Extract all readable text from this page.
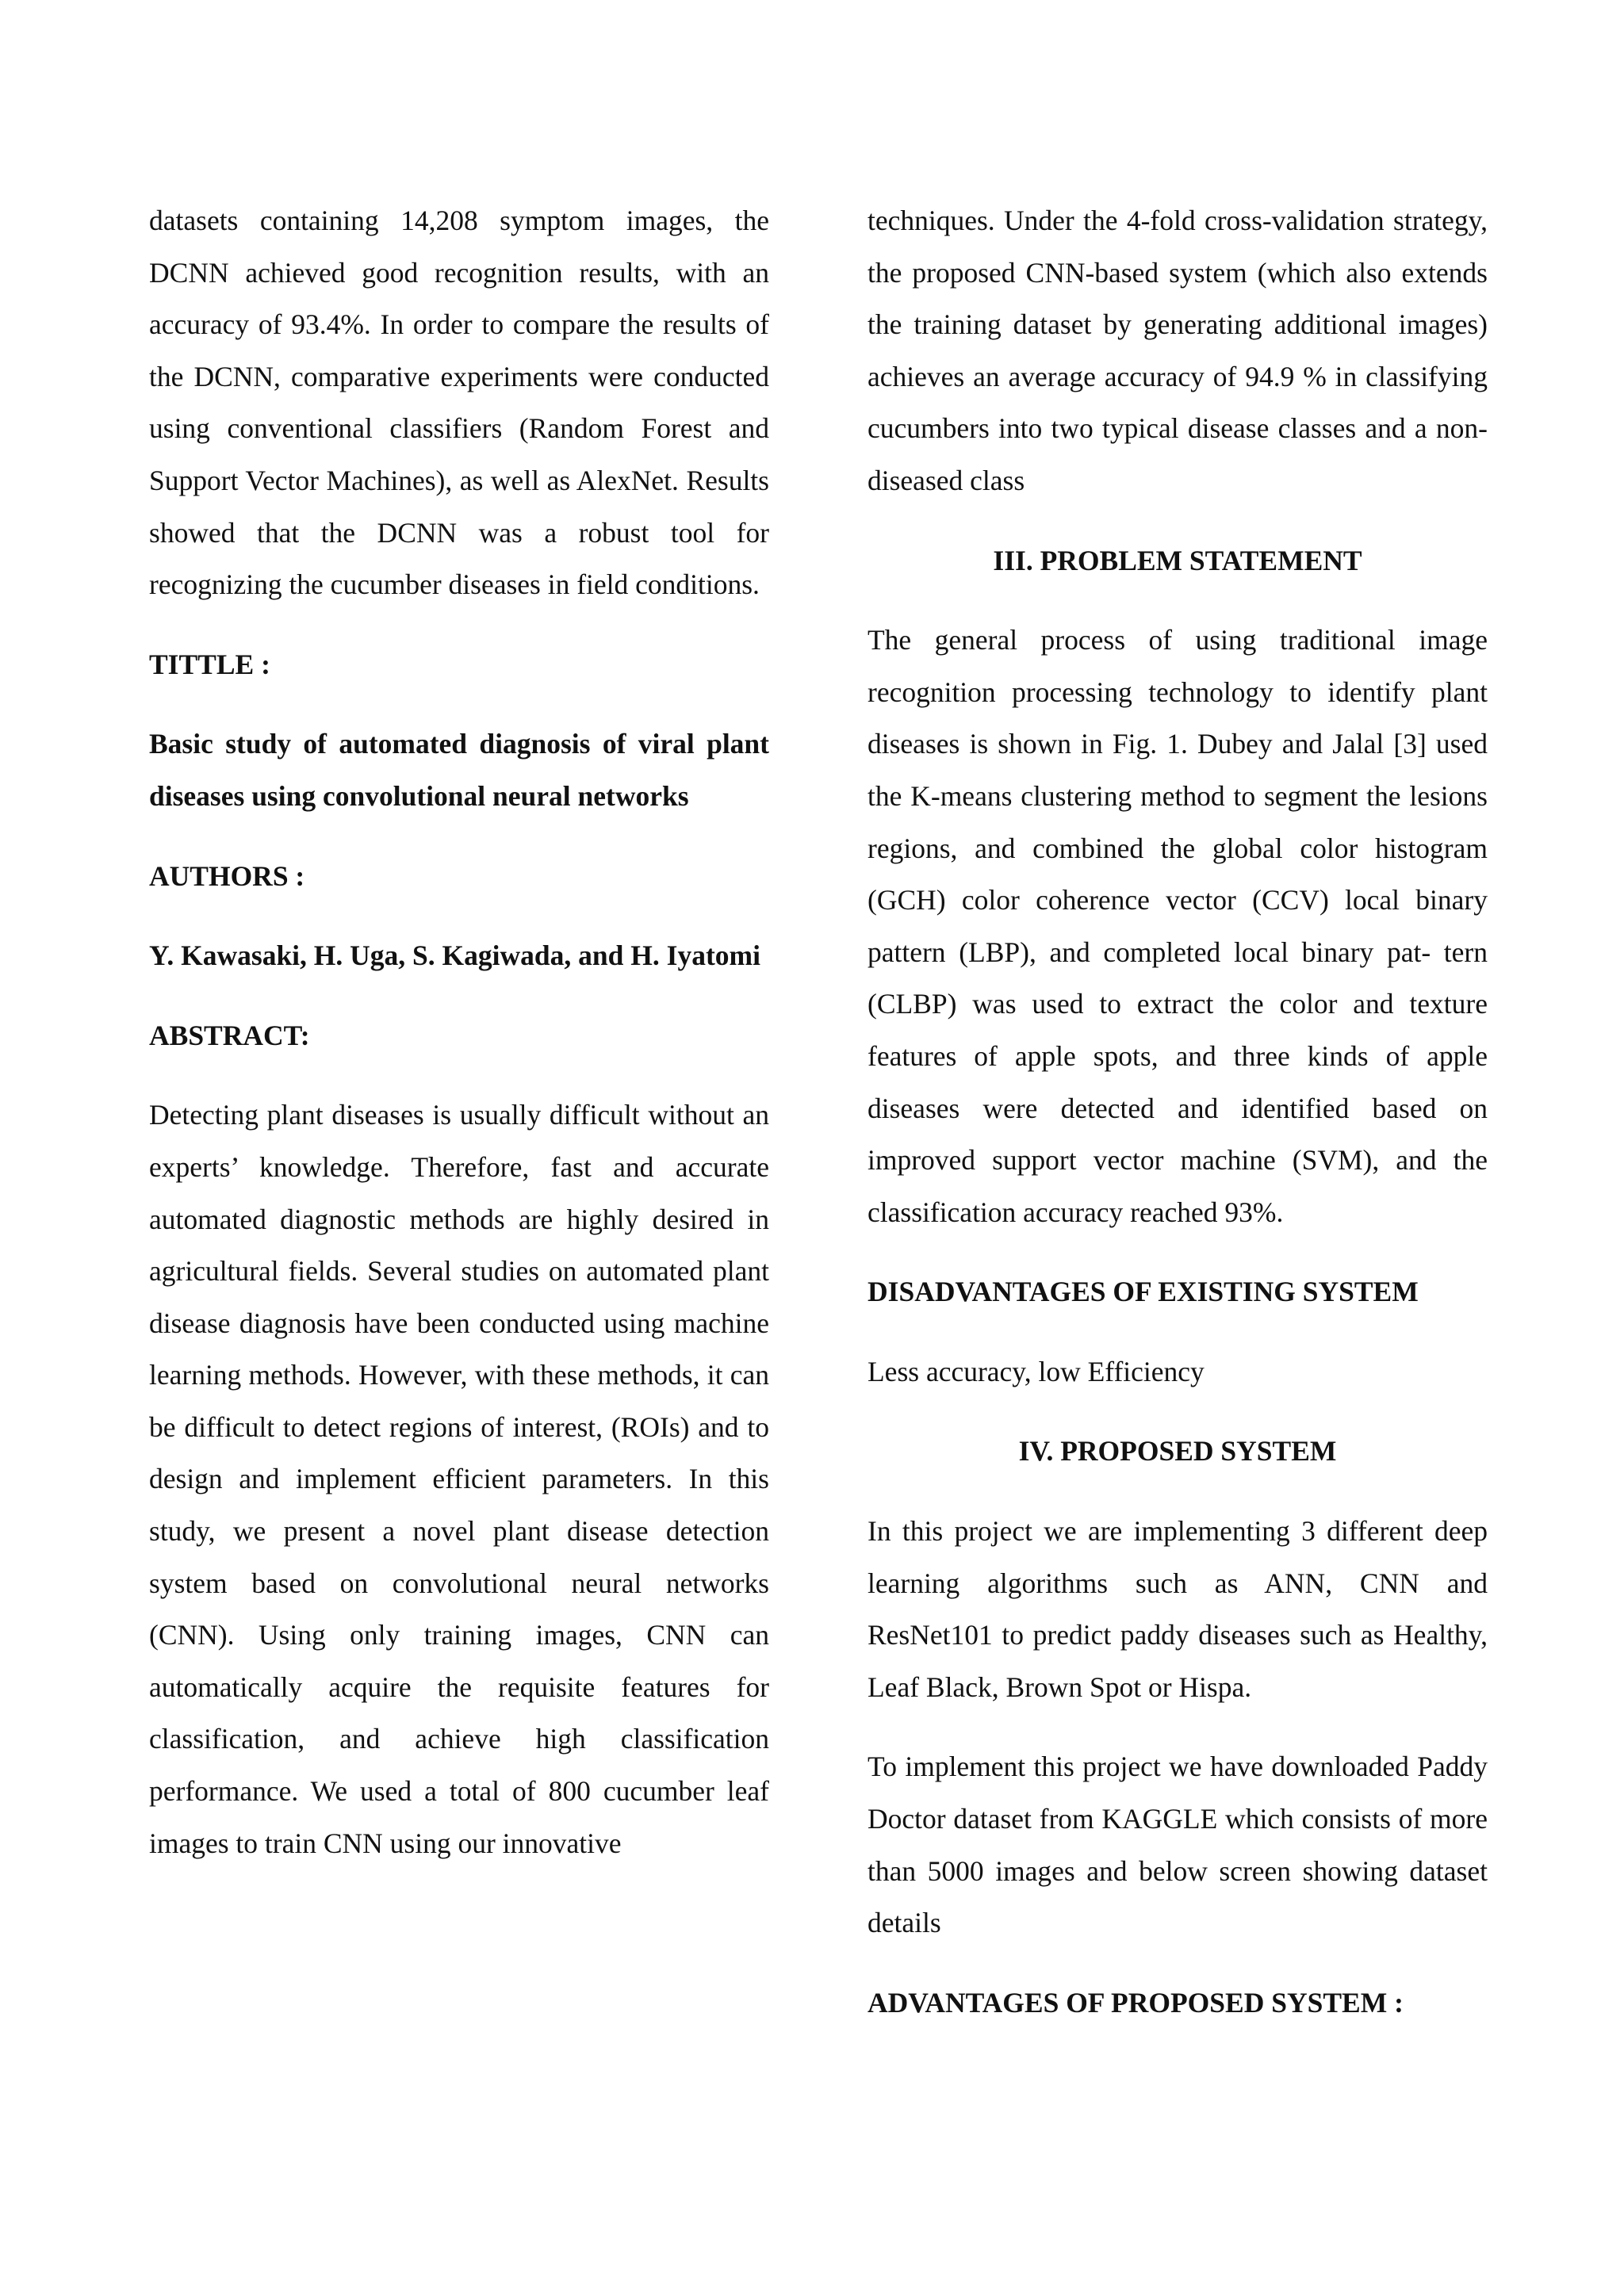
datasets containing 14,208 symptom images, the DCNN achieved good recognition results, with an accuracy of 93.4%. In order to compare the results of the DCNN, comparative experiments were conducted using conventional classifiers (Random Forest and Support Vector Machines), as well as AlexNet. Results showed that the DCNN was a robust tool for recognizing the cucumber diseases in field conditions.

TITTLE :

Basic study of automated diagnosis of viral plant diseases using convolutional neural networks

AUTHORS :

Y. Kawasaki, H. Uga, S. Kagiwada, and H. Iyatomi

ABSTRACT:

Detecting plant diseases is usually difficult without an experts’ knowledge. Therefore, fast and accurate automated diagnostic methods are highly desired in agricultural fields. Several studies on automated plant disease diagnosis have been conducted using machine learning methods. However, with these methods, it can be difficult to detect regions of interest, (ROIs) and to design and implement efficient parameters. In this study, we present a novel plant disease detection system based on convolutional neural networks (CNN). Using only training images, CNN can automatically acquire the requisite features for classification, and achieve high classification performance. We used a total of 800 cucumber leaf images to train CNN using our innovative

techniques. Under the 4-fold cross-validation strategy, the proposed CNN-based system (which also extends the training dataset by generating additional images) achieves an average accuracy of 94.9 % in classifying cucumbers into two typical disease classes and a non-diseased class

III. PROBLEM STATEMENT

The general process of using traditional image recognition processing technology to identify plant diseases is shown in Fig. 1. Dubey and Jalal [3] used the K-means clustering method to segment the lesions regions, and combined the global color histogram (GCH) color coherence vector (CCV) local binary pattern (LBP), and completed local binary pat- tern (CLBP) was used to extract the color and texture features of apple spots, and three kinds of apple diseases were detected and identified based on improved support vector machine (SVM), and the classification accuracy reached 93%.

DISADVANTAGES OF EXISTING SYSTEM

Less accuracy, low Efficiency

IV. PROPOSED SYSTEM

In this project we are implementing 3 different deep learning algorithms such as ANN, CNN and ResNet101 to predict paddy diseases such as Healthy, Leaf Black, Brown Spot or Hispa.

To implement this project we have downloaded Paddy Doctor dataset from KAGGLE which consists of more than 5000 images and below screen showing dataset details

ADVANTAGES OF PROPOSED SYSTEM :
